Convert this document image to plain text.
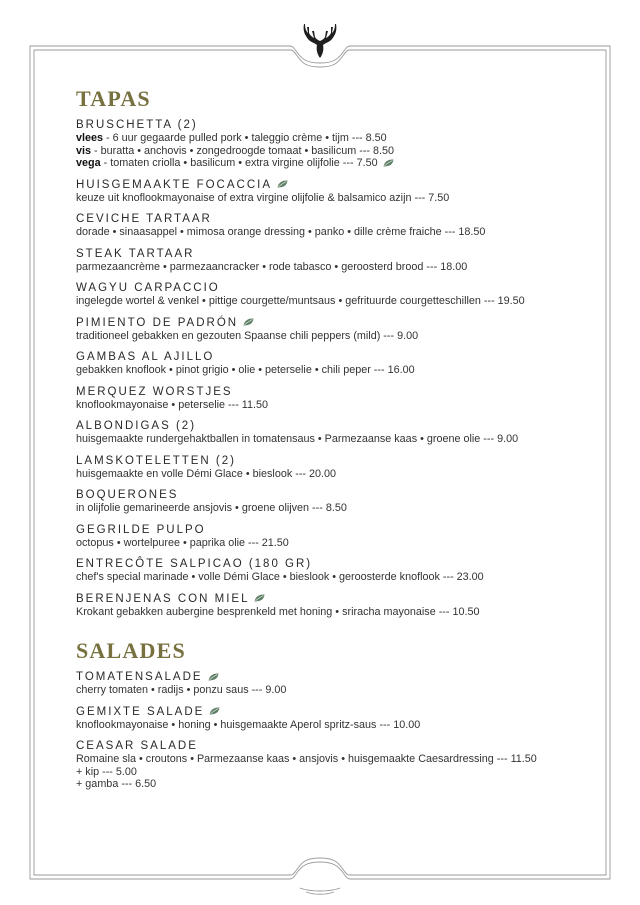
TAPAS
BRUSCHETTA (2)
vlees - 6 uur gegaarde pulled pork • taleggio crème • tijm --- 8.50
vis - buratta • anchovis • zongedroogde tomaat • basilicum --- 8.50
vega - tomaten criolla • basilicum • extra virgine olijfolie --- 7.50
HUISGEMAAKTE FOCACCIA
keuze uit knoflookmayonaise of extra virgine olijfolie & balsamico azijn --- 7.50
CEVICHE TARTAAR
dorade • sinaasappel • mimosa orange dressing • panko • dille crème fraiche --- 18.50
STEAK TARTAAR
parmezaancrème • parmezaancracker • rode tabasco • geroosterd brood --- 18.00
WAGYU CARPACCIO
ingelegde wortel & venkel • pittige courgette/muntsaus • gefrituurde courgetteschillen --- 19.50
PIMIENTO DE PADRÓN
traditioneel gebakken en gezouten Spaanse chili peppers (mild) --- 9.00
GAMBAS AL AJILLO
gebakken knoflook • pinot grigio • olie • peterselie • chili peper --- 16.00
MERQUEZ WORSTJES
knoflookmayonaise • peterselie --- 11.50
ALBONDIGAS (2)
huisgemaakte rundergehaktballen in tomatensaus • Parmezaanse kaas • groene olie --- 9.00
LAMSKOTELETTEN (2)
huisgemaakte en volle Démi Glace • bieslook --- 20.00
BOQUERONES
in olijfolie gemarineerde ansjovis • groene olijven --- 8.50
GEGRILDE PULPO
octopus • wortelpuree • paprika olie --- 21.50
ENTRECÔTE SALPICAO (180 GR)
chef's special marinade • volle Démi Glace • bieslook • geroosterde knoflook --- 23.00
BERENJENAS CON MIEL
Krokant gebakken aubergine besprenkeld met honing • sriracha mayonaise --- 10.50
SALADES
TOMATENSALADE
cherry tomaten • radijs • ponzu saus --- 9.00
GEMIXTE SALADE
knoflookmayonaise • honing • huisgemaakte Aperol spritz-saus --- 10.00
CEASAR SALADE
Romaine sla • croutons • Parmezaanse kaas • ansjovis • huisgemaakte Caesardressing --- 11.50
+ kip --- 5.00
+ gamba --- 6.50
